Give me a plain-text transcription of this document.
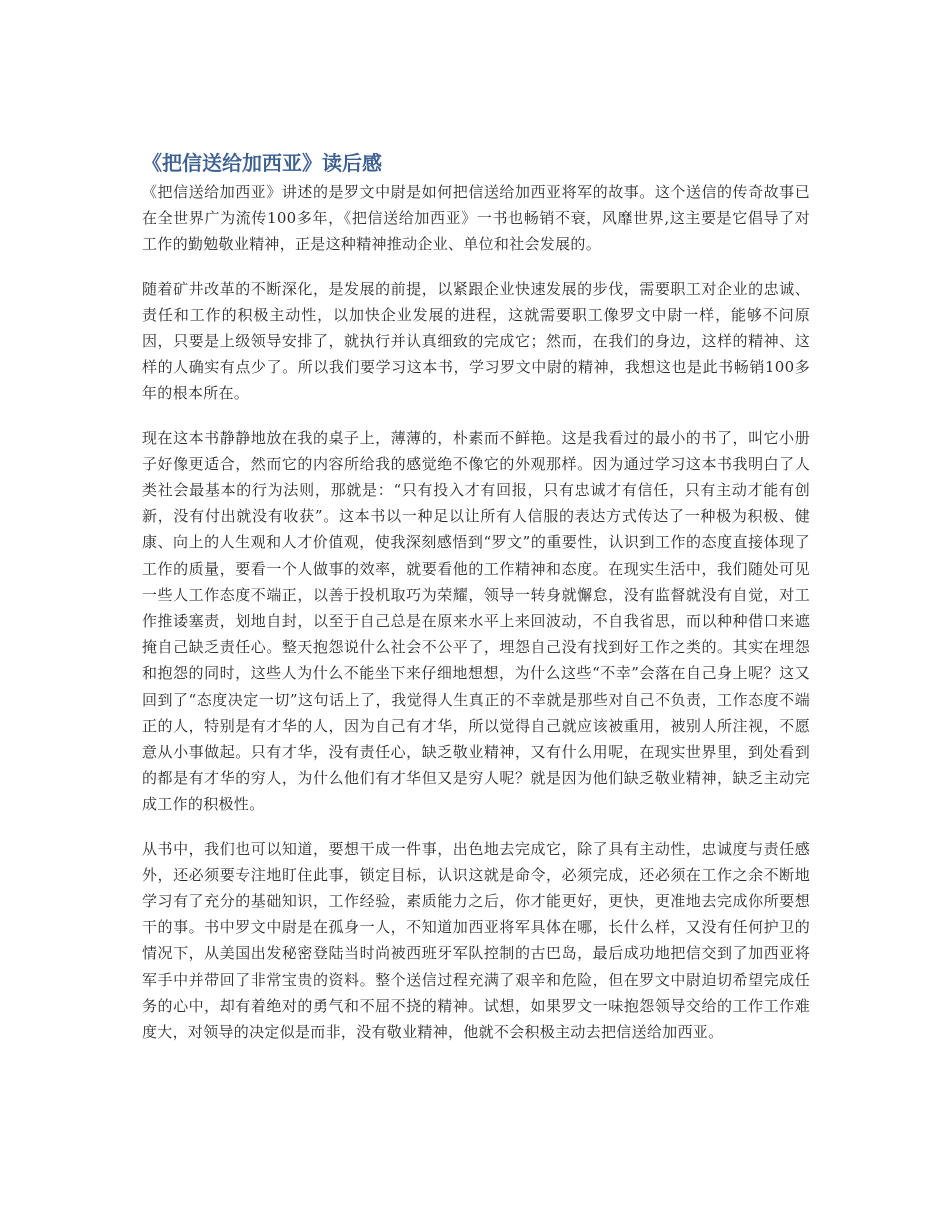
《把信送给加西亚》读后感

《把信送给加西亚》讲述的是罗文中尉是如何把信送给加西亚将军的故事。这个送信的传奇故事已在全世界广为流传100多年，《把信送给加西亚》一书也畅销不衰，风靡世界,这主要是它倡导了对工作的勤勉敬业精神，正是这种精神推动企业、单位和社会发展的。

随着矿井改革的不断深化，是发展的前提，以紧跟企业快速发展的步伐，需要职工对企业的忠诚、责任和工作的积极主动性，以加快企业发展的进程，这就需要职工像罗文中尉一样，能够不问原因，只要是上级领导安排了，就执行并认真细致的完成它；然而，在我们的身边，这样的精神、这样的人确实有点少了。所以我们要学习这本书，学习罗文中尉的精神，我想这也是此书畅销100多年的根本所在。

现在这本书静静地放在我的桌子上，薄薄的，朴素而不鲜艳。这是我看过的最小的书了，叫它小册子好像更适合，然而它的内容所给我的感觉绝不像它的外观那样。因为通过学习这本书我明白了人类社会最基本的行为法则，那就是：“只有投入才有回报，只有忠诚才有信任，只有主动才能有创新，没有付出就没有收获”。这本书以一种足以让所有人信服的表达方式传达了一种极为积极、健康、向上的人生观和人才价值观，使我深刻感悟到“罗文”的重要性，认识到工作的态度直接体现了工作的质量，要看一个人做事的效率，就要看他的工作精神和态度。在现实生活中，我们随处可见一些人工作态度不端正，以善于投机取巧为荣耀，领导一转身就懈怠，没有监督就没有自觉，对工作推诿塞责，划地自封，以至于自己总是在原来水平上来回波动，不自我省思，而以种种借口来遮掩自己缺乏责任心。整天抱怨说什么社会不公平了，埋怨自己没有找到好工作之类的。其实在埋怨和抱怨的同时，这些人为什么不能坐下来仔细地想想，为什么这些“不幸”会落在自己身上呢？这又回到了“态度决定一切”这句话上了，我觉得人生真正的不幸就是那些对自己不负责，工作态度不端正的人，特别是有才华的人，因为自己有才华，所以觉得自己就应该被重用，被别人所注视，不愿意从小事做起。只有才华，没有责任心，缺乏敬业精神，又有什么用呢，在现实世界里，到处看到的都是有才华的穷人，为什么他们有才华但又是穷人呢？就是因为他们缺乏敬业精神，缺乏主动完成工作的积极性。

从书中，我们也可以知道，要想干成一件事，出色地去完成它，除了具有主动性，忠诚度与责任感外，还必须要专注地盯住此事，锁定目标，认识这就是命令，必须完成，还必须在工作之余不断地学习有了充分的基础知识，工作经验，素质能力之后，你才能更好，更快，更准地去完成你所要想干的事。书中罗文中尉是在孤身一人，不知道加西亚将军具体在哪，长什么样，又没有任何护卫的情况下，从美国出发秘密登陆当时尚被西班牙军队控制的古巴岛，最后成功地把信交到了加西亚将军手中并带回了非常宝贵的资料。整个送信过程充满了艰辛和危险，但在罗文中尉迫切希望完成任务的心中，却有着绝对的勇气和不屈不挠的精神。试想，如果罗文一味抱怨领导交给的工作工作难度大，对领导的决定似是而非，没有敬业精神，他就不会积极主动去把信送给加西亚。
